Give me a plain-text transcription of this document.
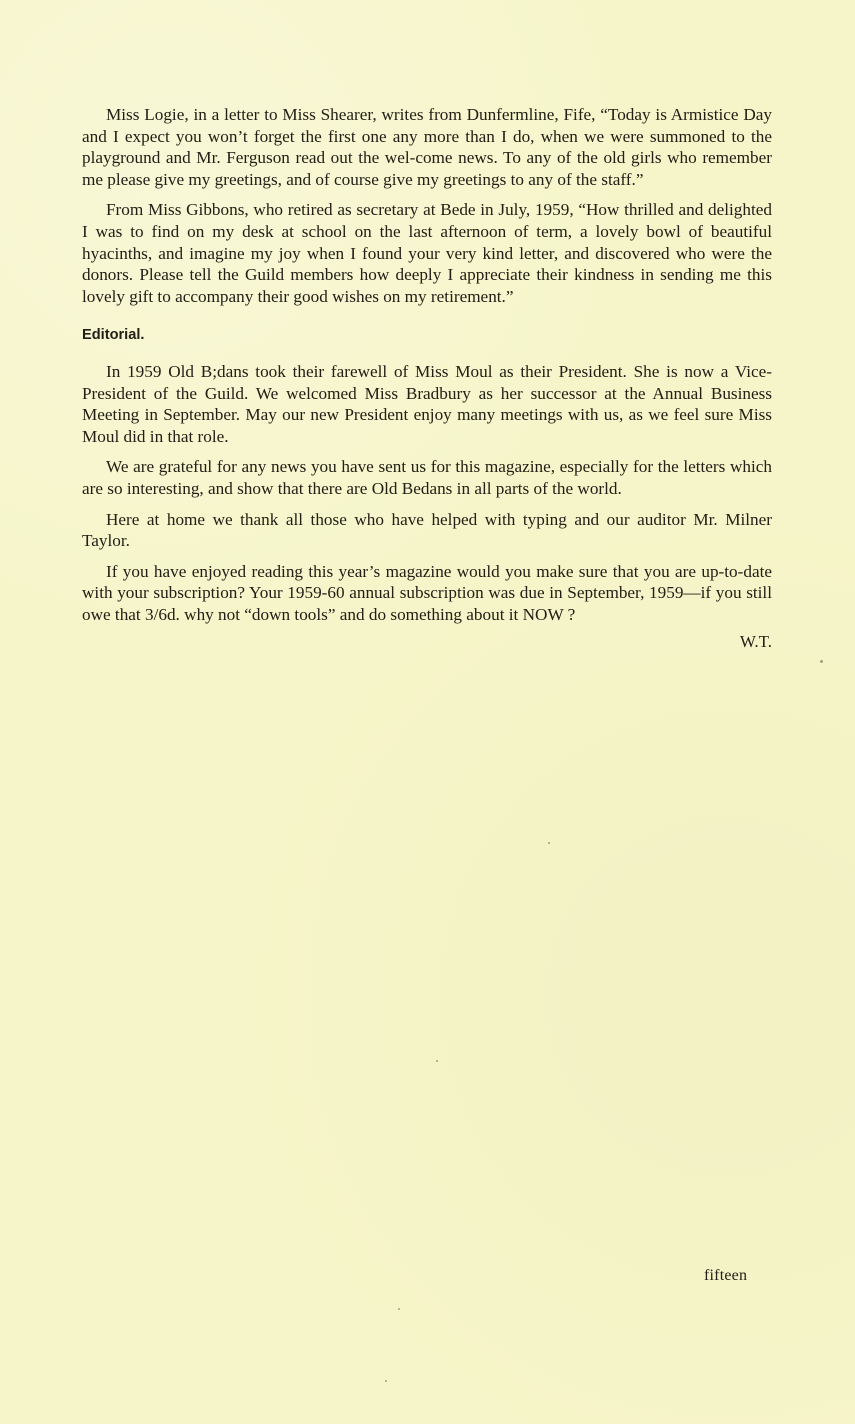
Miss Logie, in a letter to Miss Shearer, writes from Dunfermline, Fife, “Today is Armistice Day and I expect you won’t forget the first one any more than I do, when we were summoned to the playground and Mr. Ferguson read out the wel-come news. To any of the old girls who remember me please give my greetings, and of course give my greetings to any of the staff.”

From Miss Gibbons, who retired as secretary at Bede in July, 1959, “How thrilled and delighted I was to find on my desk at school on the last afternoon of term, a lovely bowl of beautiful hyacinths, and imagine my joy when I found your very kind letter, and discovered who were the donors. Please tell the Guild members how deeply I appreciate their kindness in sending me this lovely gift to accompany their good wishes on my retirement.”

Editorial.

In 1959 Old B;dans took their farewell of Miss Moul as their President. She is now a Vice-President of the Guild. We welcomed Miss Bradbury as her successor at the Annual Business Meeting in September. May our new President enjoy many meetings with us, as we feel sure Miss Moul did in that role.

We are grateful for any news you have sent us for this magazine, especially for the letters which are so interesting, and show that there are Old Bedans in all parts of the world.

Here at home we thank all those who have helped with typing and our auditor Mr. Milner Taylor.

If you have enjoyed reading this year’s magazine would you make sure that you are up-to-date with your subscription? Your 1959-60 annual subscription was due in September, 1959—if you still owe that 3/6d. why not “down tools” and do something about it NOW ?

W.T.
fifteen
